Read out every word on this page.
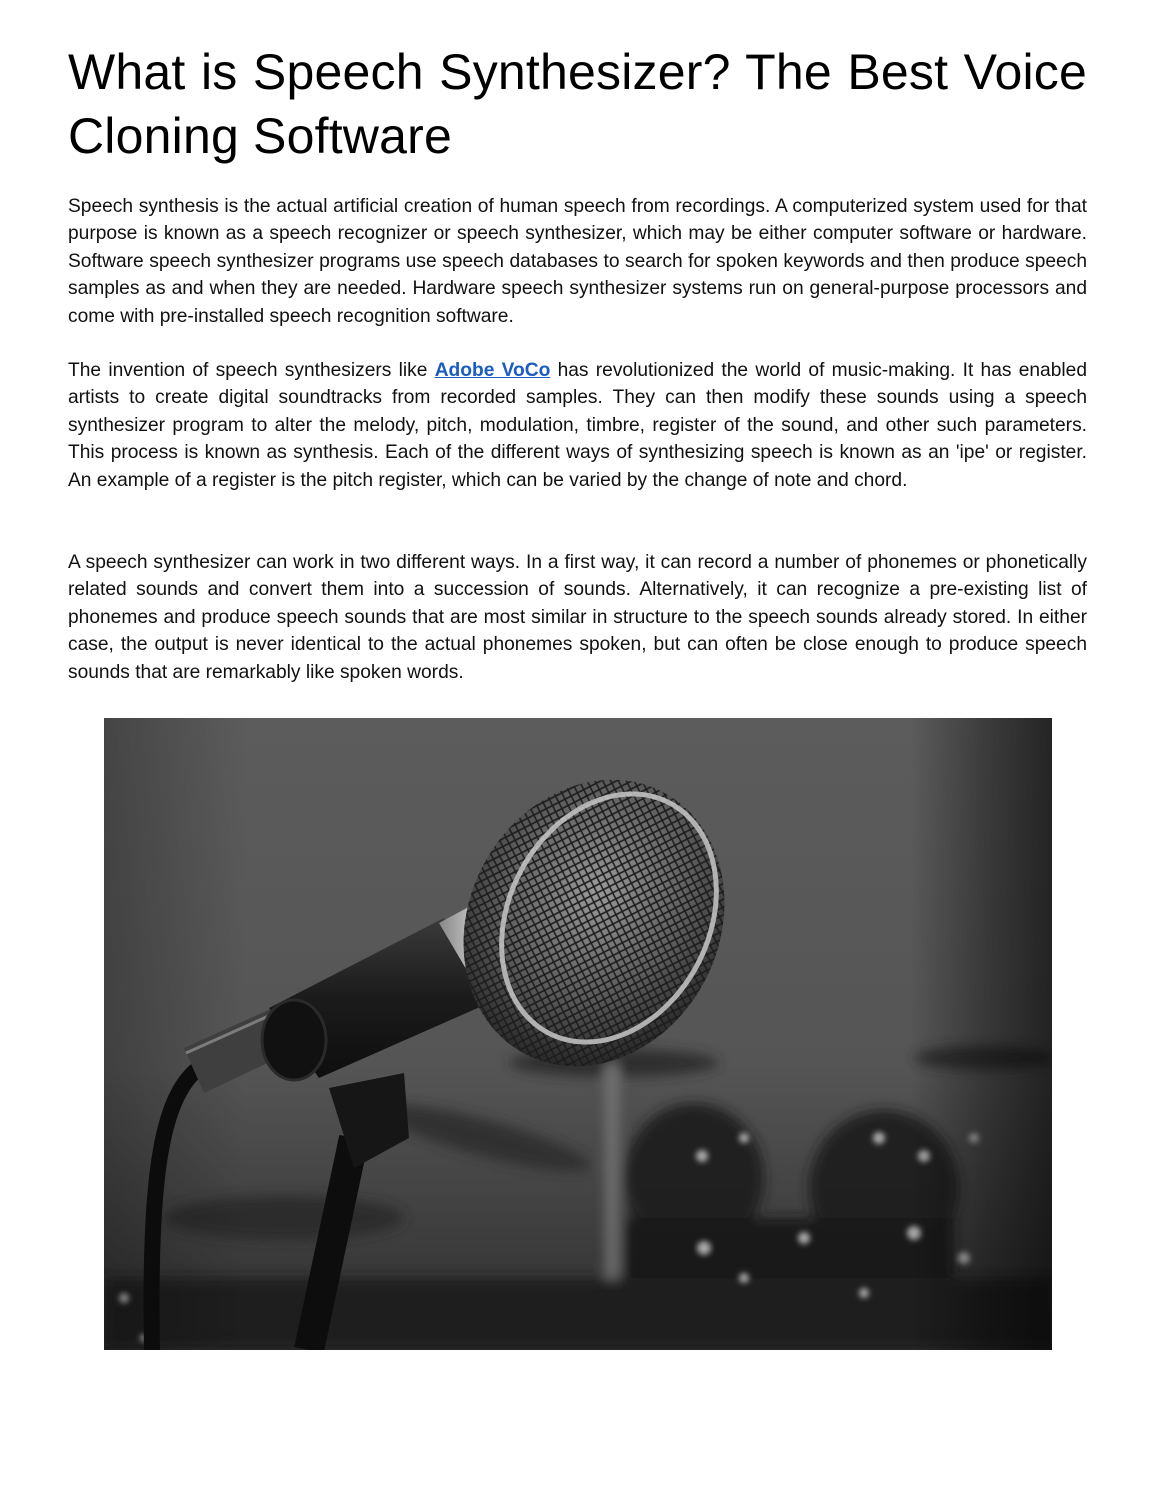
What is Speech Synthesizer? The Best Voice Cloning Software

Speech synthesis is the actual artificial creation of human speech from recordings. A computerized system used for that purpose is known as a speech recognizer or speech synthesizer, which may be either computer software or hardware. Software speech synthesizer programs use speech databases to search for spoken keywords and then produce speech samples as and when they are needed. Hardware speech synthesizer systems run on general-purpose processors and come with pre-installed speech recognition software.

The invention of speech synthesizers like Adobe VoCo has revolutionized the world of music-making. It has enabled artists to create digital soundtracks from recorded samples. They can then modify these sounds using a speech synthesizer program to alter the melody, pitch, modulation, timbre, register of the sound, and other such parameters. This process is known as synthesis. Each of the different ways of synthesizing speech is known as an 'ipe' or register. An example of a register is the pitch register, which can be varied by the change of note and chord.

A speech synthesizer can work in two different ways. In a first way, it can record a number of phonemes or phonetically related sounds and convert them into a succession of sounds. Alternatively, it can recognize a pre-existing list of phonemes and produce speech sounds that are most similar in structure to the speech sounds already stored. In either case, the output is never identical to the actual phonemes spoken, but can often be close enough to produce speech sounds that are remarkably like spoken words.
